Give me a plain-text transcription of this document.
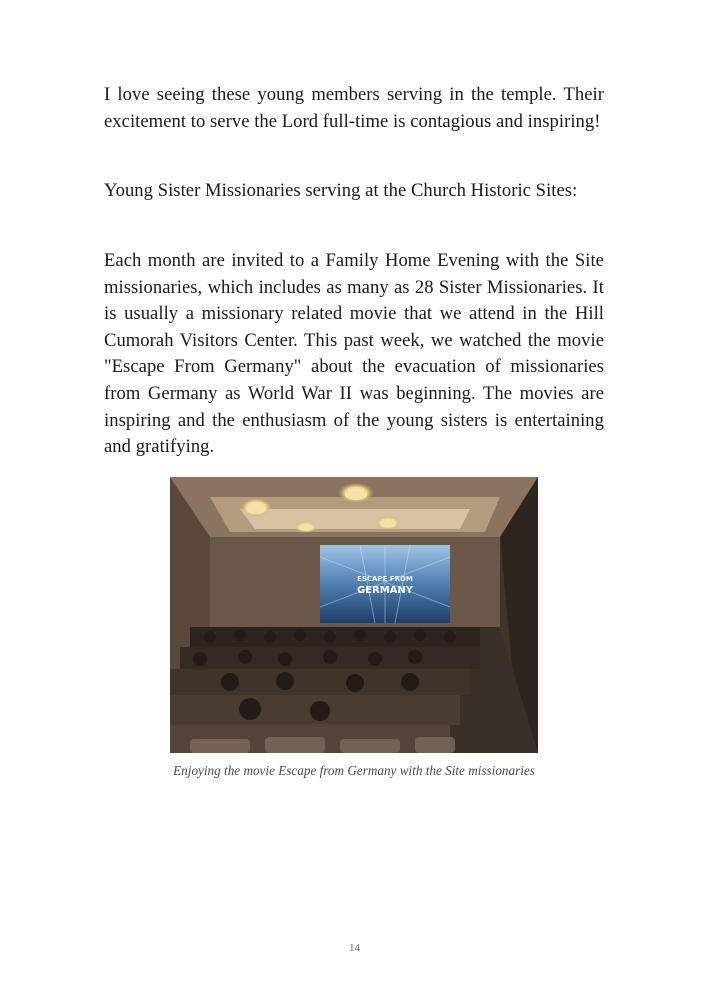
I love seeing these young members serving in the temple. Their excitement to serve the Lord full-time is contagious and inspiring!

Young Sister Missionaries serving at the Church Historic Sites:

Each month are invited to a Family Home Evening with the Site missionaries, which includes as many as 28 Sister Missionaries. It is usually a missionary related movie that we attend in the Hill Cumorah Visitors Center. This past week, we watched the movie "Escape From Germany" about the evacuation of missionaries from Germany as World War II was beginning. The movies are inspiring and the enthusiasm of the young sisters is entertaining and gratifying.

ESCAPE FROM
GERMANY

Enjoying the movie Escape from Germany with the Site missionaries

14
